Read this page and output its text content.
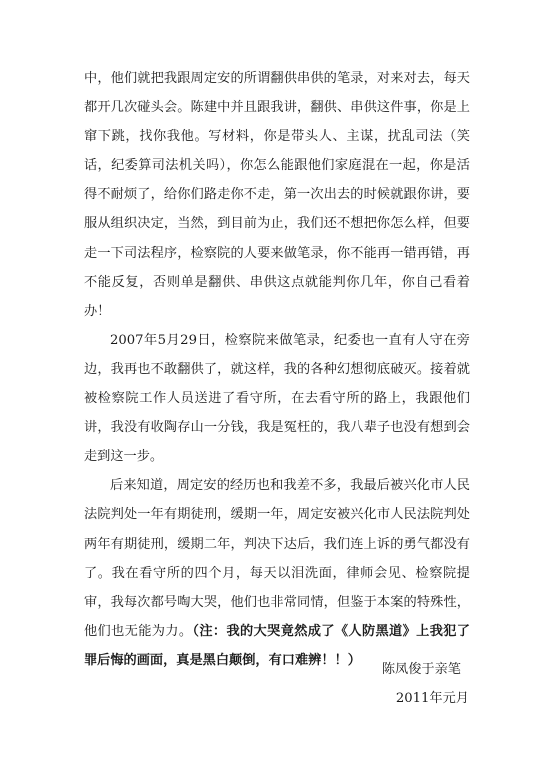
中，他们就把我跟周定安的所谓翻供串供的笔录，对来对去，每天都开几次碰头会。陈建中并且跟我讲，翻供、串供这件事，你是上窜下跳，找你我他。写材料，你是带头人、主谋，扰乱司法（笑话，纪委算司法机关吗），你怎么能跟他们家庭混在一起，你是活得不耐烦了，给你们路走你不走，第一次出去的时候就跟你讲，要服从组织决定，当然，到目前为止，我们还不想把你怎么样，但要走一下司法程序，检察院的人要来做笔录，你不能再一错再错，再不能反复，否则单是翻供、串供这点就能判你几年，你自己看着办！

2007年5月29日，检察院来做笔录，纪委也一直有人守在旁边，我再也不敢翻供了，就这样，我的各种幻想彻底破灭。接着就被检察院工作人员送进了看守所，在去看守所的路上，我跟他们讲，我没有收陶存山一分钱，我是冤枉的，我八辈子也没有想到会走到这一步。

后来知道，周定安的经历也和我差不多，我最后被兴化市人民法院判处一年有期徒刑，缓期一年，周定安被兴化市人民法院判处两年有期徒刑，缓期二年，判决下达后，我们连上诉的勇气都没有了。我在看守所的四个月，每天以泪洗面，律师会见、检察院提审，我每次都号啕大哭，他们也非常同情，但鉴于本案的特殊性，他们也无能为力。（注：我的大哭竟然成了《人防黑道》上我犯了罪后悔的画面，真是黑白颠倒，有口难辨！！）

陈凤俊于亲笔
2011年元月
